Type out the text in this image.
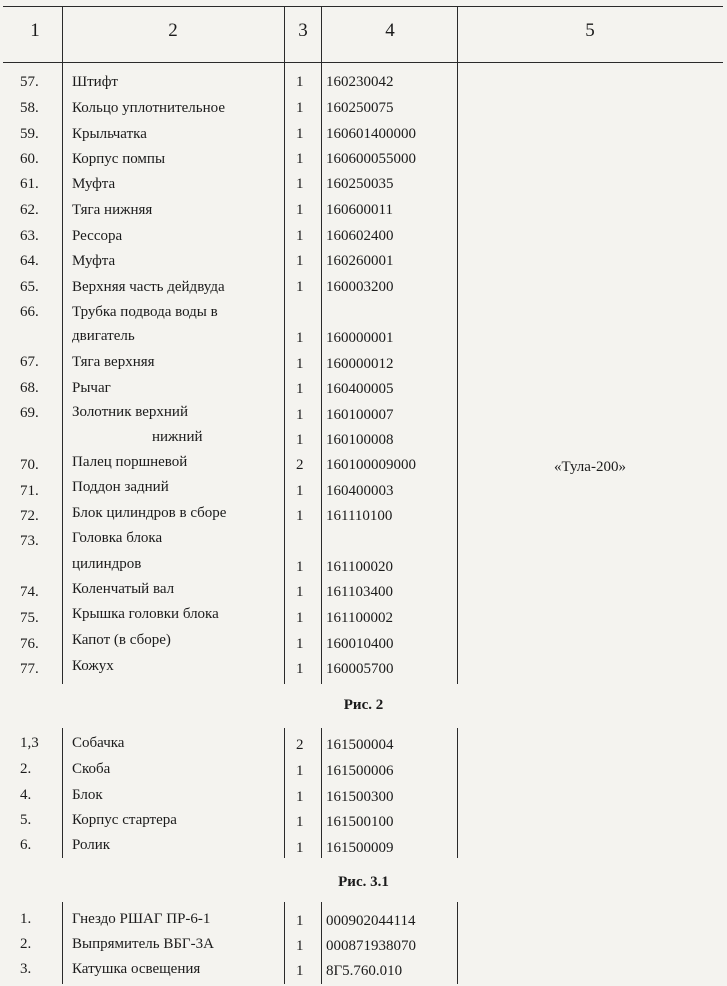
1	2	3	4	5
57.	Штифт	1	160230042
58.	Кольцо уплотнительное	1	160250075
59.	Крыльчатка	1	160601400000
60.	Корпус помпы	1	160600055000
61.	Муфта	1	160250035
62.	Тяга нижняя	1	160600011
63.	Рессора	1	160602400
64.	Муфта	1	160260001
65.	Верхняя часть дейдвуда	1	160003200
66.	Трубка подвода воды в
двигатель	1	160000001
67.	Тяга верхняя	1	160000012
68.	Рычаг	1	160400005
69.	Золотник верхний	1	160100007
нижний	1	160100008
70.	Палец поршневой	2	160100009000	«Тула-200»
71.	Поддон задний	1	160400003
72.	Блок цилиндров в сборе	1	161110100
73.	Головка блока
цилиндров	1	161100020
74.	Коленчатый вал	1	161103400
75.	Крышка головки блока	1	161100002
76.	Капот (в сборе)	1	160010400
77.	Кожух	1	160005700
Рис. 2
1,3	Собачка	2	161500004
2.	Скоба	1	161500006
4.	Блок	1	161500300
5.	Корпус стартера	1	161500100
6.	Ролик	1	161500009
Рис. 3.1
1.	Гнездо РШАГ ПР-6-1	1	000902044114
2.	Выпрямитель ВБГ-3А	1	000871938070
3.	Катушка освещения	1	8Г5.760.010
